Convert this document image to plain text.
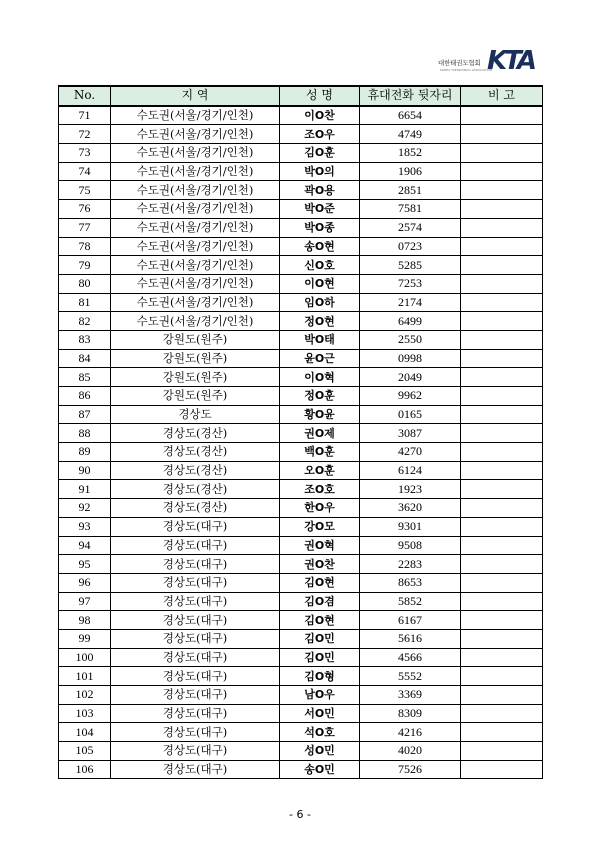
대한태권도협회
KOREA TAEKWONDO ASSOCIATION
KTA
No.	지 역	성 명	휴대전화 뒷자리	비 고
71	수도권(서울/경기/인천)	이O찬	6654	
72	수도권(서울/경기/인천)	조O우	4749	
73	수도권(서울/경기/인천)	김O훈	1852	
74	수도권(서울/경기/인천)	박O의	1906	
75	수도권(서울/경기/인천)	곽O용	2851	
76	수도권(서울/경기/인천)	박O준	7581	
77	수도권(서울/경기/인천)	박O종	2574	
78	수도권(서울/경기/인천)	송O현	0723	
79	수도권(서울/경기/인천)	신O호	5285	
80	수도권(서울/경기/인천)	이O현	7253	
81	수도권(서울/경기/인천)	임O하	2174	
82	수도권(서울/경기/인천)	정O현	6499	
83	강원도(원주)	박O태	2550	
84	강원도(원주)	윤O근	0998	
85	강원도(원주)	이O혁	2049	
86	강원도(원주)	정O훈	9962	
87	경상도	황O윤	0165	
88	경상도(경산)	권O제	3087	
89	경상도(경산)	백O훈	4270	
90	경상도(경산)	오O훈	6124	
91	경상도(경산)	조O호	1923	
92	경상도(경산)	한O우	3620	
93	경상도(대구)	강O모	9301	
94	경상도(대구)	권O혁	9508	
95	경상도(대구)	권O찬	2283	
96	경상도(대구)	김O현	8653	
97	경상도(대구)	김O겸	5852	
98	경상도(대구)	김O현	6167	
99	경상도(대구)	김O민	5616	
100	경상도(대구)	김O민	4566	
101	경상도(대구)	김O형	5552	
102	경상도(대구)	남O우	3369	
103	경상도(대구)	서O민	8309	
104	경상도(대구)	석O호	4216	
105	경상도(대구)	성O민	4020	
106	경상도(대구)	송O민	7526	
- 6 -
